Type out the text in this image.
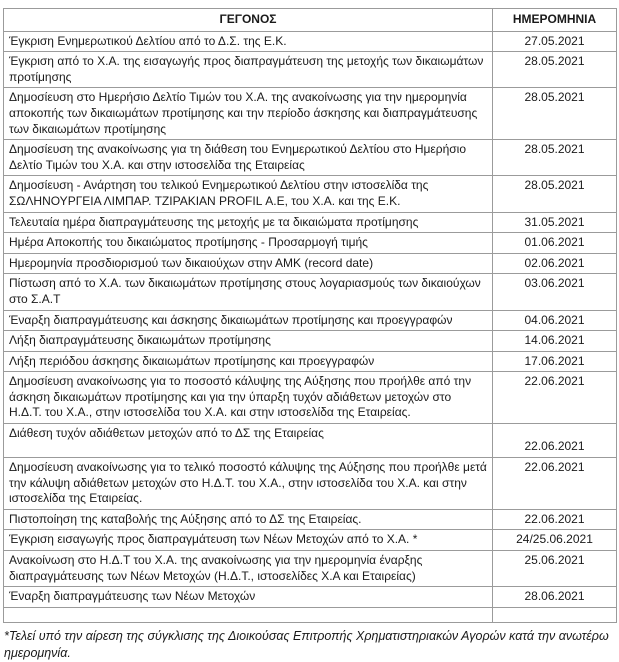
ΓΕΓΟΝΟΣ	ΗΜΕΡΟΜΗΝΙΑ
Έγκριση Ενημερωτικού Δελτίου από το Δ.Σ. της Ε.Κ.	27.05.2021
Έγκριση από το Χ.Α. της εισαγωγής προς διαπραγμάτευση της μετοχής των δικαιωμάτων προτίμησης	28.05.2021
Δημοσίευση στο Ημερήσιο Δελτίο Τιμών του Χ.Α. της ανακοίνωσης για την ημερομηνία αποκοπής των δικαιωμάτων προτίμησης και την περίοδο άσκησης και διαπραγμάτευσης των δικαιωμάτων προτίμησης	28.05.2021
Δημοσίευση της ανακοίνωσης για τη διάθεση του Ενημερωτικού Δελτίου στο Ημερήσιο Δελτίο Τιμών του Χ.Α. και στην ιστοσελίδα της Εταιρείας	28.05.2021
Δημοσίευση - Ανάρτηση του τελικού Ενημερωτικού Δελτίου στην ιστοσελίδα της ΣΩΛΗΝΟΥΡΓΕΙΑ ΛΙΜΠΑΡ. ΤΖΙΡΑΚΙΑΝ PROFIL Α.Ε, του Χ.Α. και της Ε.Κ.	28.05.2021
Τελευταία ημέρα διαπραγμάτευσης της μετοχής με τα δικαιώματα προτίμησης	31.05.2021
Ημέρα Αποκοπής του δικαιώματος προτίμησης - Προσαρμογή τιμής	01.06.2021
Ημερομηνία προσδιορισμού των δικαιούχων στην ΑΜΚ (record date)	02.06.2021
Πίστωση από το Χ.Α. των δικαιωμάτων προτίμησης στους λογαριασμούς των δικαιούχων στο Σ.Α.Τ	03.06.2021
Έναρξη διαπραγμάτευσης και άσκησης δικαιωμάτων προτίμησης και προεγγραφών	04.06.2021
Λήξη διαπραγμάτευσης δικαιωμάτων προτίμησης	14.06.2021
Λήξη περιόδου άσκησης δικαιωμάτων προτίμησης και προεγγραφών	17.06.2021
Δημοσίευση ανακοίνωσης για το ποσοστό κάλυψης της Αύξησης που προήλθε από την άσκηση δικαιωμάτων προτίμησης και για την ύπαρξη τυχόν αδιάθετων μετοχών στο Η.Δ.Τ. του Χ.Α., στην ιστοσελίδα του Χ.Α. και στην ιστοσελίδα της Εταιρείας.	22.06.2021
Διάθεση τυχόν αδιάθετων μετοχών από το ΔΣ της Εταιρείας	22.06.2021
Δημοσίευση ανακοίνωσης για το τελικό ποσοστό κάλυψης της Αύξησης που προήλθε μετά την κάλυψη αδιάθετων μετοχών στο Η.Δ.Τ. του Χ.Α., στην ιστοσελίδα του Χ.Α. και στην ιστοσελίδα της Εταιρείας.	22.06.2021
Πιστοποίηση της καταβολής της Αύξησης από το ΔΣ της Εταιρείας.	22.06.2021
Έγκριση εισαγωγής προς διαπραγμάτευση των Νέων Μετοχών από το Χ.Α. *	24/25.06.2021
Ανακοίνωση στο Η.Δ.Τ του Χ.Α. της ανακοίνωσης για την ημερομηνία έναρξης διαπραγμάτευσης των Νέων Μετοχών (Η.Δ.Τ., ιστοσελίδες Χ.Α και Εταιρείας)	25.06.2021
Έναρξη διαπραγμάτευσης των Νέων Μετοχών	28.06.2021

*Τελεί υπό την αίρεση της σύγκλισης της Διοικούσας Επιτροπής Χρηματιστηριακών Αγορών κατά την ανωτέρω ημερομηνία.
